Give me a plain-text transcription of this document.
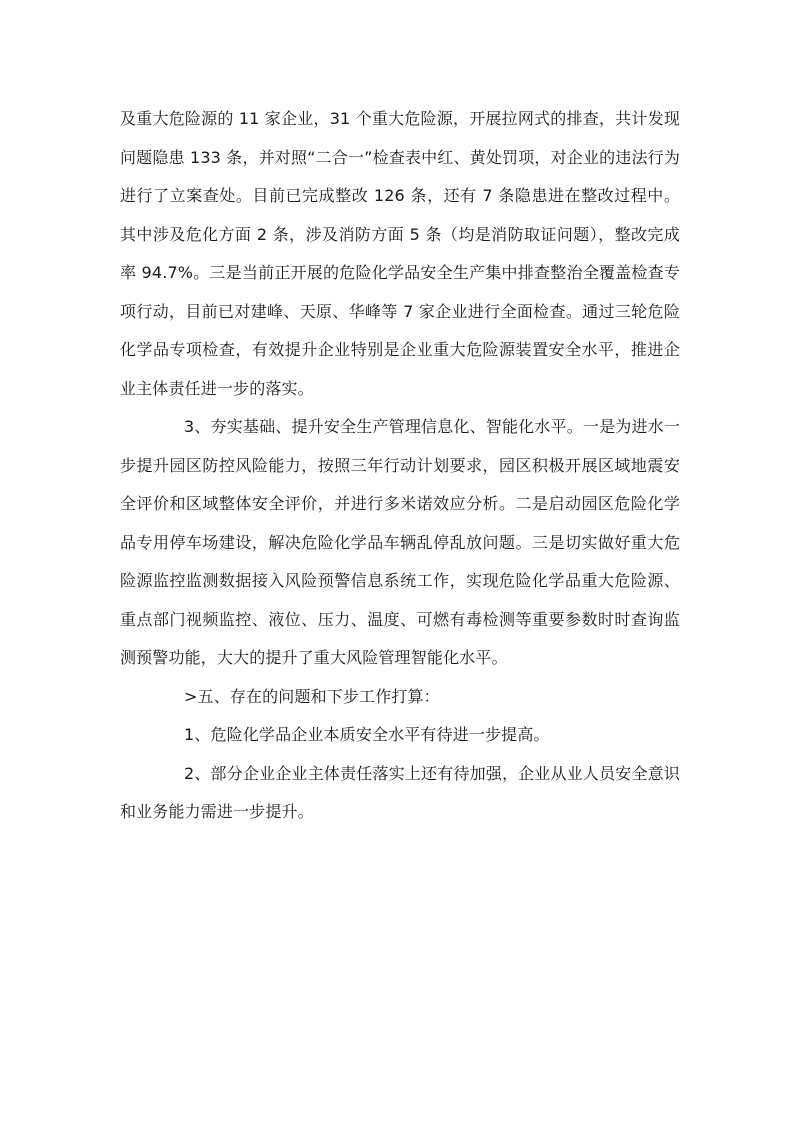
及重大危险源的 11 家企业，31 个重大危险源，开展拉网式的排查，共计发现问题隐患 133 条，并对照“二合一”检查表中红、黄处罚项，对企业的违法行为进行了立案查处。目前已完成整改 126 条，还有 7 条隐患进在整改过程中。其中涉及危化方面 2 条，涉及消防方面 5 条（均是消防取证问题），整改完成率 94.7%。三是当前正开展的危险化学品安全生产集中排查整治全覆盖检查专项行动，目前已对建峰、天原、华峰等 7 家企业进行全面检查。通过三轮危险化学品专项检查，有效提升企业特别是企业重大危险源装置安全水平，推进企业主体责任进一步的落实。

3、夯实基础、提升安全生产管理信息化、智能化水平。一是为进水一步提升园区防控风险能力，按照三年行动计划要求，园区积极开展区域地震安全评价和区域整体安全评价，并进行多米诺效应分析。二是启动园区危险化学品专用停车场建设，解决危险化学品车辆乱停乱放问题。三是切实做好重大危险源监控监测数据接入风险预警信息系统工作，实现危险化学品重大危险源、重点部门视频监控、液位、压力、温度、可燃有毒检测等重要参数时时查询监测预警功能，大大的提升了重大风险管理智能化水平。

>五、存在的问题和下步工作打算：

1、危险化学品企业本质安全水平有待进一步提高。

2、部分企业企业主体责任落实上还有待加强，企业从业人员安全意识和业务能力需进一步提升。
